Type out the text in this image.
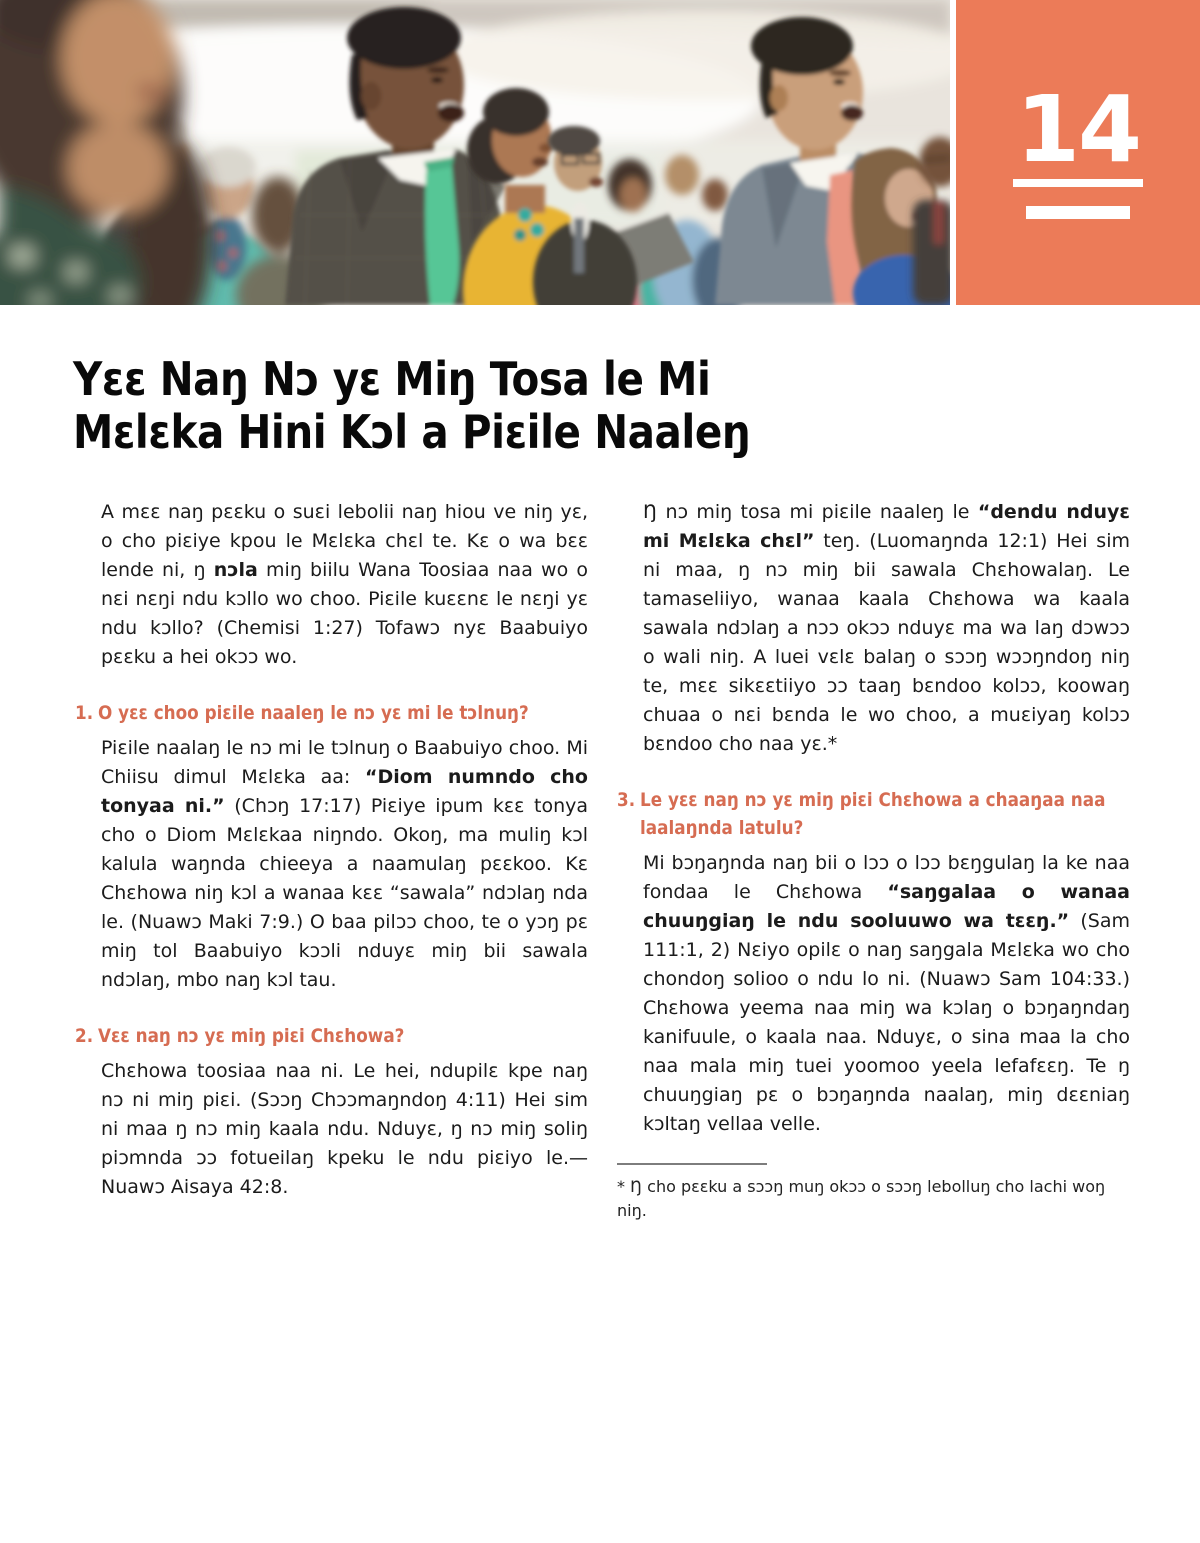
14
Yɛɛ Naŋ Nɔ yɛ Miŋ Tosa le Mi
Mɛlɛka Hini Kɔl a Piɛile Naaleŋ

A mɛɛ naŋ pɛɛku o suɛi lebolii naŋ hiou ve niŋ yɛ, o cho piɛiye kpou le Mɛlɛka chɛl te. Kɛ o wa bɛɛ lende ni, ŋ nɔla miŋ biilu Wana Toosiaa naa wo o nɛi nɛŋi ndu kɔllo wo choo. Piɛile kuɛɛnɛ le nɛŋi yɛ ndu kɔllo? (Chemisi 1:27) Tofawɔ nyɛ Baabuiyo pɛɛku a hei okɔɔ wo.

1. O yɛɛ choo piɛile naaleŋ le nɔ yɛ mi le tɔlnuŋ?

Piɛile naalaŋ le nɔ mi le tɔlnuŋ o Baabuiyo choo. Mi Chiisu dimul Mɛlɛka aa: “Diom numndo cho tonyaa ni.” (Chɔŋ 17:17) Piɛiye ipum kɛɛ tonya cho o Diom Mɛlɛkaa niŋndo. Okoŋ, ma muliŋ kɔl kalula waŋnda chieeya a naamulaŋ pɛɛkoo. Kɛ Chɛhowa niŋ kɔl a wanaa kɛɛ “sawala” ndɔlaŋ nda le. (Nuawɔ Maki 7:9.) O baa pilɔɔ choo, te o yɔŋ pɛ miŋ tol Baabuiyo kɔɔli nduyɛ miŋ bii sawala ndɔlaŋ, mbo naŋ kɔl tau.

2. Vɛɛ naŋ nɔ yɛ miŋ piɛi Chɛhowa?

Chɛhowa toosiaa naa ni. Le hei, ndupilɛ kpe naŋ nɔ ni miŋ piɛi. (Sɔɔŋ Chɔɔmaŋndoŋ 4:11) Hei sim ni maa ŋ nɔ miŋ kaala ndu. Nduyɛ, ŋ nɔ miŋ soliŋ piɔmnda ɔɔ fotueilaŋ kpeku le ndu piɛiyo le.—Nuawɔ Aisaya 42:8.

Ŋ nɔ miŋ tosa mi piɛile naaleŋ le “dendu nduyɛ mi Mɛlɛka chɛl” teŋ. (Luomaŋnda 12:1) Hei sim ni maa, ŋ nɔ miŋ bii sawala Chɛhowalaŋ. Le tamaseliiyo, wanaa kaala Chɛhowa wa kaala sawala ndɔlaŋ a nɔɔ okɔɔ nduyɛ ma wa laŋ dɔwɔɔ o wali niŋ. A luei vɛlɛ balaŋ o sɔɔŋ wɔɔŋndoŋ niŋ te, mɛɛ sikɛɛtiiyo ɔɔ taaŋ bɛndoo kolɔɔ, koowaŋ chuaa o nɛi bɛnda le wo choo, a muɛiyaŋ kolɔɔ bɛndoo cho naa yɛ.*

3. Le yɛɛ naŋ nɔ yɛ miŋ piɛi Chɛhowa a chaaŋaa naa laalaŋnda latulu?

Mi bɔŋaŋnda naŋ bii o lɔɔ o lɔɔ bɛŋgulaŋ la ke naa fondaa le Chɛhowa “saŋgalaa o wanaa chuuŋgiaŋ le ndu sooluuwo wa tɛɛŋ.” (Sam 111:1, 2) Nɛiyo opilɛ o naŋ saŋgala Mɛlɛka wo cho chondoŋ solioo o ndu lo ni. (Nuawɔ Sam 104:33.) Chɛhowa yeema naa miŋ wa kɔlaŋ o bɔŋaŋndaŋ kanifuule, o kaala naa. Nduyɛ, o sina maa la cho naa mala miŋ tuei yoomoo yeela lefafɛɛŋ. Te ŋ chuuŋgiaŋ pɛ o bɔŋaŋnda naalaŋ, miŋ dɛɛniaŋ kɔltaŋ vellaa velle.

* Ŋ cho pɛɛku a sɔɔŋ muŋ okɔɔ o sɔɔŋ lebolluŋ cho lachi woŋ niŋ.
